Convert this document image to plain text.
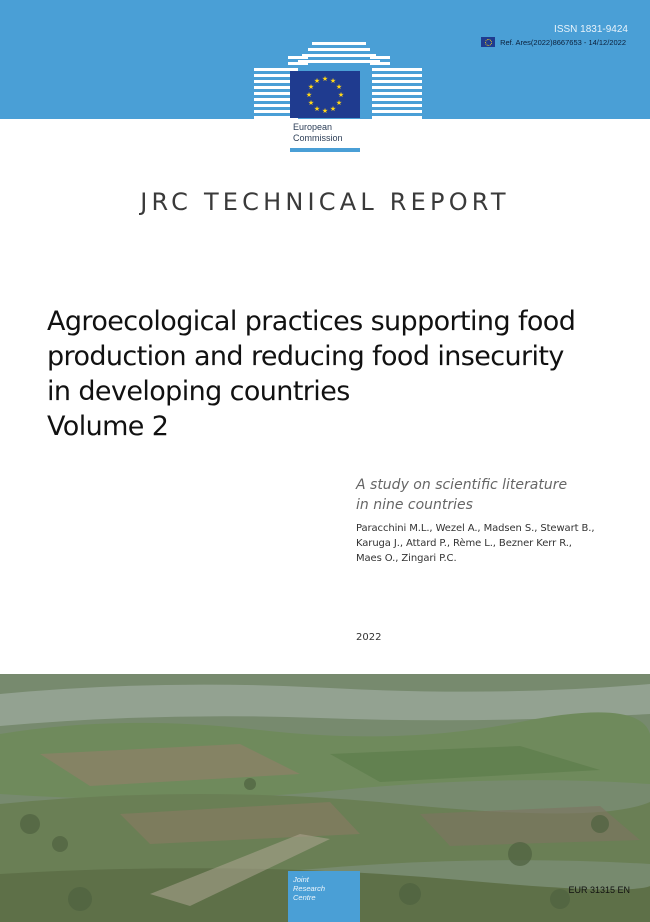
ISSN 1831-9424
Ref. Ares(2022)8667653 - 14/12/2022
★ ★
★
★
★
★
★
★
★
★
★
★
European
Commission
JRC TECHNICAL REPORT
Agroecological practices supporting food
production and reducing food insecurity
in developing countries
Volume 2
A study on scientific literature
in nine countries
Paracchini M.L., Wezel A., Madsen S., Stewart B.,
Karuga J., Attard P., Rème L., Bezner Kerr R.,
Maes O., Zingari P.C.
2022
Joint
Research
Centre
EUR 31315 EN
